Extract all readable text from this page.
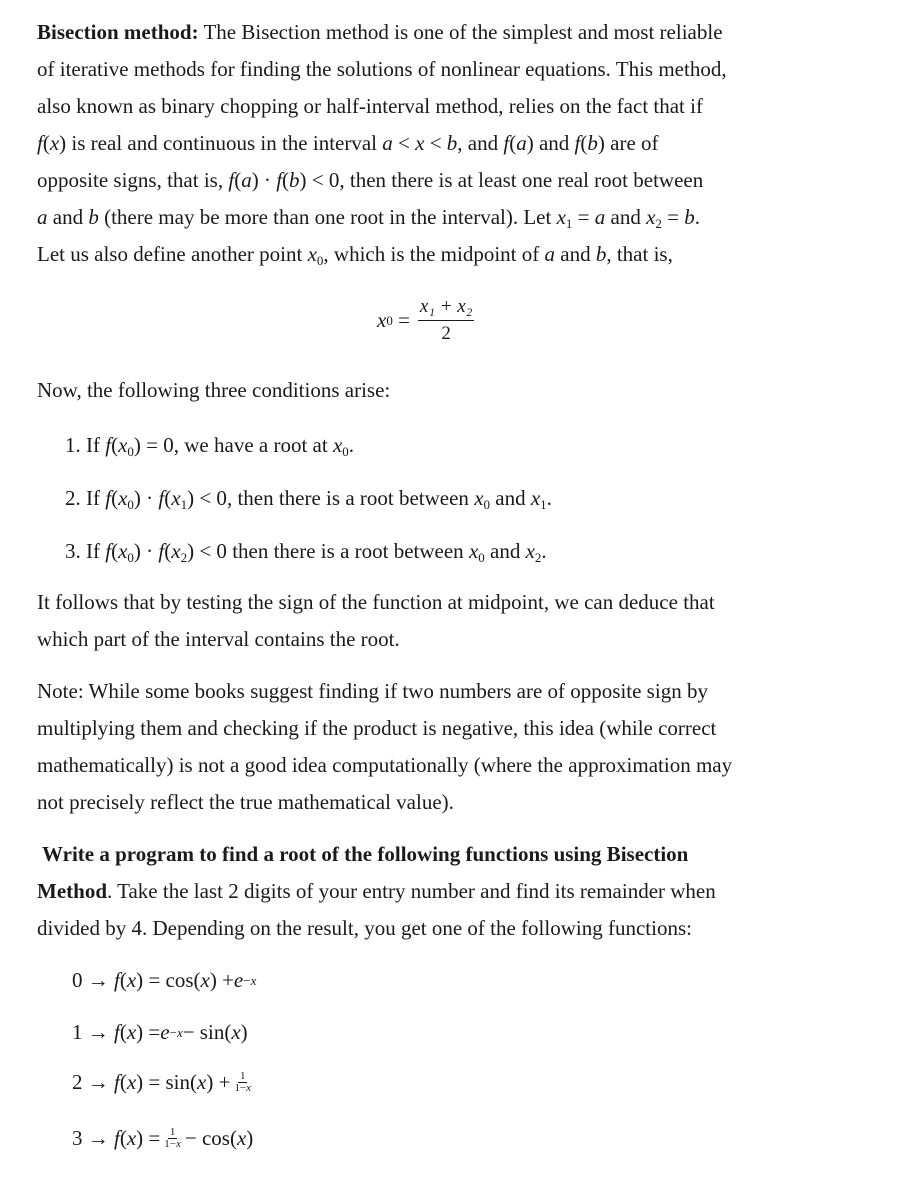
Bisection method: The Bisection method is one of the simplest and most reliable
of iterative methods for finding the solutions of nonlinear equations. This method,
also known as binary chopping or half-interval method, relies on the fact that if
f(x) is real and continuous in the interval a < x < b, and f(a) and f(b) are of
opposite signs, that is, f(a) · f(b) < 0, then there is at least one real root between
a and b (there may be more than one root in the interval). Let $x_1 = a$ and $x_2 = b$.
Let us also define another point $x_0$, which is the midpoint of a and b, that is,

x $0 = \frac{\text{x₁ + x₂}}{2}$

Now, the following three conditions arise:

1. If $f(x_0) = 0$, we have a root at $x_0$.
2. If $f(x_0) \cdot f(x_1) < 0$, then there is a root between $x_0$ and $x_1$.
3. If $f(x_0) \cdot f(x_2) < 0$ then there is a root between $x_0$ and $x_2$.

It follows that by testing the sign of the function at midpoint, we can deduce that
which part of the interval contains the root.

Note: While some books suggest finding if two numbers are of opposite sign by
multiplying them and checking if the product is negative, this idea (while correct
mathematically) is not a good idea computationally (where the approximation may
not precisely reflect the true mathematical value).

Write a program to find a root of the following functions using Bisection
Method. Take the last 2 digits of your entry number and find its remainder when
divided by 4. Depending on the result, you get one of the following functions:

0 → f ( x ) = cos( x ) + e −x
1 → f ( x ) = e −x − sin( x )
2 → f ( x ) = sin( x ) + 1
1−x
3 → f ( x ) = 1
1−x − cos( x )
